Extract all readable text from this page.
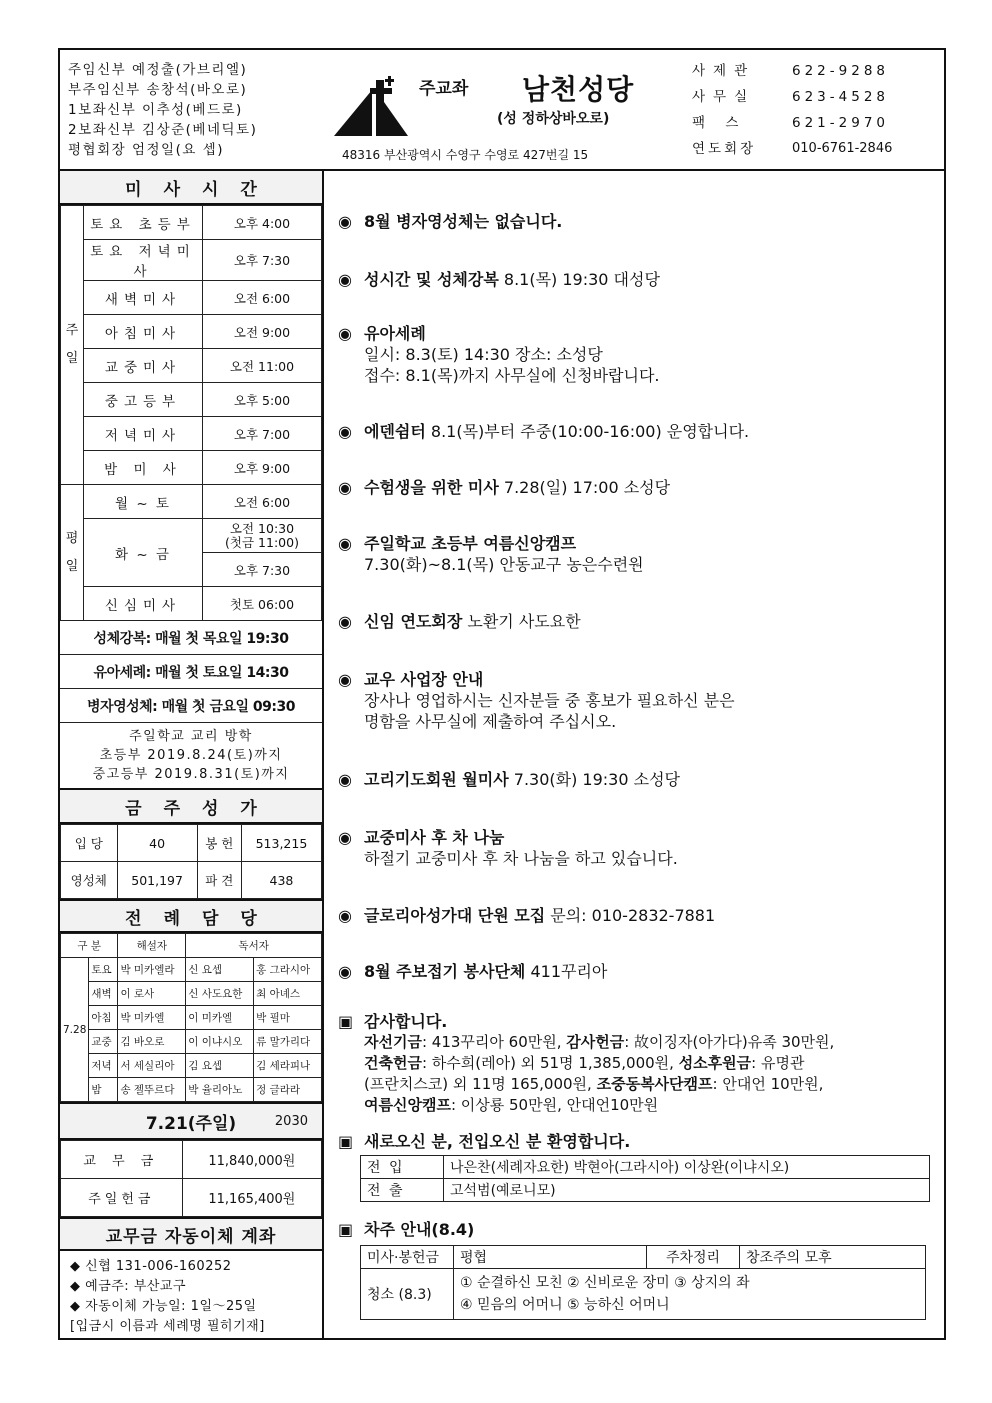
주임신부 예정출(가브리엘)
부주임신부 송창석(바오로)
1보좌신부 이추성(베드로)
2보좌신부 김상준(베네딕토)
평협회장 엄정일(요 셉)
주교좌 남천성당
(성 정하상바오로)
48316 부산광역시 수영구 수영로 427번길 15
사제관	622-9288
사무실	623-4528
팩 스	621-2970
연도회장	010-6761-2846
미사시간
주
일	토요 초등부	오후 4:00
	토요 저녁미사	오후 7:30
	새벽미사	오전 6:00
	아침미사	오전 9:00
	교중미사	오전 11:00
	중고등부	오후 5:00
	저녁미사	오후 7:00
	밤 미 사	오후 9:00
평
일	월 ~ 토	오전 6:00
	화 ~ 금	오전 10:30
(첫금 11:00)

		오후 7:30
	신심미사	첫토 06:00
성체강복: 매월 첫 목요일 19:30
유아세례: 매월 첫 토요일 14:30
병자영성체: 매월 첫 금요일 09:30
주일학교 교리 방학
초등부 2019.8.24(토)까지
중고등부 2019.8.31(토)까지
금주성가
입 당	40	봉 헌	513,215
영성체	501,197	파 견	438
전례담당
구 분		해설자	독서자	
7.28	토요	박 미카엘라	신 요셉	홍 그라시아
	새벽	이 로사	신 사도요한	최 아녜스
	아침	박 미카엘	이 미카엘	박 필마
	교중	김 바오로	이 이냐시오	류 말가리다
	저녁	서 세실리아	김 요셉	김 세라피나
	밤	송 젤뚜르다	박 율리아노	정 글라라
7.21(주일)	2030
교 무 금	11,840,000원
주일헌금	11,165,400원
교무금 자동이체 계좌
◆ 신협 131-006-160252
◆ 예금주: 부산교구
◆ 자동이체 가능일: 1일～25일
[입금시 이름과 세례명 필히기재]
◉ 8월 병자영성체는 없습니다.
◉ 성시간 및 성체강복 8.1(목) 19:30 대성당
◉ 유아세례
일시: 8.3(토) 14:30 장소: 소성당
접수: 8.1(목)까지 사무실에 신청바랍니다.
◉ 에덴쉼터 8.1(목)부터 주중(10:00-16:00) 운영합니다.
◉ 수험생을 위한 미사 7.28(일) 17:00 소성당
◉ 주일학교 초등부 여름신앙캠프
7.30(화)~8.1(목) 안동교구 농은수련원
◉ 신임 연도회장 노환기 사도요한
◉ 교우 사업장 안내
장사나 영업하시는 신자분들 중 홍보가 필요하신 분은
명함을 사무실에 제출하여 주십시오.
◉ 고리기도회원 월미사 7.30(화) 19:30 소성당
◉ 교중미사 후 차 나눔
하절기 교중미사 후 차 나눔을 하고 있습니다.
◉ 글로리아성가대 단원 모집 문의: 010-2832-7881
◉ 8월 주보접기 봉사단체 411꾸리아
▣ 감사합니다.
자선기금: 413꾸리아 60만원, 감사헌금: 故이징자(아가다)유족 30만원,
건축헌금: 하수희(레아) 외 51명 1,385,000원, 성소후원금: 유명관
(프란치스코) 외 11명 165,000원, 조중동복사단캠프: 안대언 10만원,
여름신앙캠프: 이상룡 50만원, 안대언10만원
▣ 새로오신 분, 전입오신 분 환영합니다.
전 입	나은찬(세례자요한) 박현아(그라시아) 이상완(이냐시오)
전 출	고석범(예로니모)
▣ 차주 안내(8.4)
미사·봉헌금	평협	주차정리	창조주의 모후
청소 (8.3)	① 순결하신 모친 ② 신비로운 장미 ③ 상지의 좌
④ 믿음의 어머니 ⑤ 능하신 어머니		
